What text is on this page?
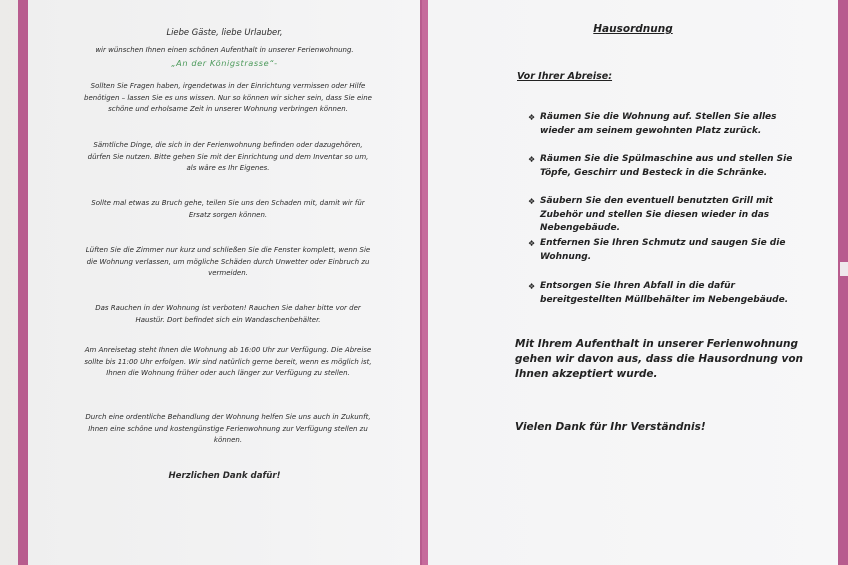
Liebe Gäste, liebe Urlauber,
wir wünschen Ihnen einen schönen Aufenthalt in unserer Ferienwohnung.
„An der Königstrasse“-
Sollten Sie Fragen haben, irgendetwas in der Einrichtung vermissen oder Hilfe benötigen – lassen Sie es uns wissen. Nur so können wir sicher sein, dass Sie eine schöne und erholsame Zeit in unserer Wohnung verbringen können.
Sämtliche Dinge, die sich in der Ferienwohnung befinden oder dazugehören, dürfen Sie nutzen. Bitte gehen Sie mit der Einrichtung und dem Inventar so um, als wäre es Ihr Eigenes.
Sollte mal etwas zu Bruch gehe, teilen Sie uns den Schaden mit, damit wir für Ersatz sorgen können.
Lüften Sie die Zimmer nur kurz und schließen Sie die Fenster komplett, wenn Sie die Wohnung verlassen, um mögliche Schäden durch Unwetter oder Einbruch zu vermeiden.
Das Rauchen in der Wohnung ist verboten! Rauchen Sie daher bitte vor der Haustür. Dort befindet sich ein Wandaschenbehälter.
Am Anreisetag steht Ihnen die Wohnung ab 16:00 Uhr zur Verfügung. Die Abreise sollte bis 11:00 Uhr erfolgen. Wir sind natürlich gerne bereit, wenn es möglich ist, Ihnen die Wohnung früher oder auch länger zur Verfügung zu stellen.
Durch eine ordentliche Behandlung der Wohnung helfen Sie uns auch in Zukunft, Ihnen eine schöne und kostengünstige Ferienwohnung zur Verfügung stellen zu können.
Herzlichen Dank dafür!
Hausordnung
Vor Ihrer Abreise:
❖ Räumen Sie die Wohnung auf. Stellen Sie alles wieder am seinem gewohnten Platz zurück.
❖ Räumen Sie die Spülmaschine aus und stellen Sie Töpfe, Geschirr und Besteck in die Schränke.
❖ Säubern Sie den eventuell benutzten Grill mit Zubehör und stellen Sie diesen wieder in das Nebengebäude.
❖ Entfernen Sie Ihren Schmutz und saugen Sie die Wohnung.
❖ Entsorgen Sie Ihren Abfall in die dafür bereitgestellten Müllbehälter im Nebengebäude.
Mit Ihrem Aufenthalt in unserer Ferienwohnung gehen wir davon aus, dass die Hausordnung von Ihnen akzeptiert wurde.
Vielen Dank für Ihr Verständnis!
